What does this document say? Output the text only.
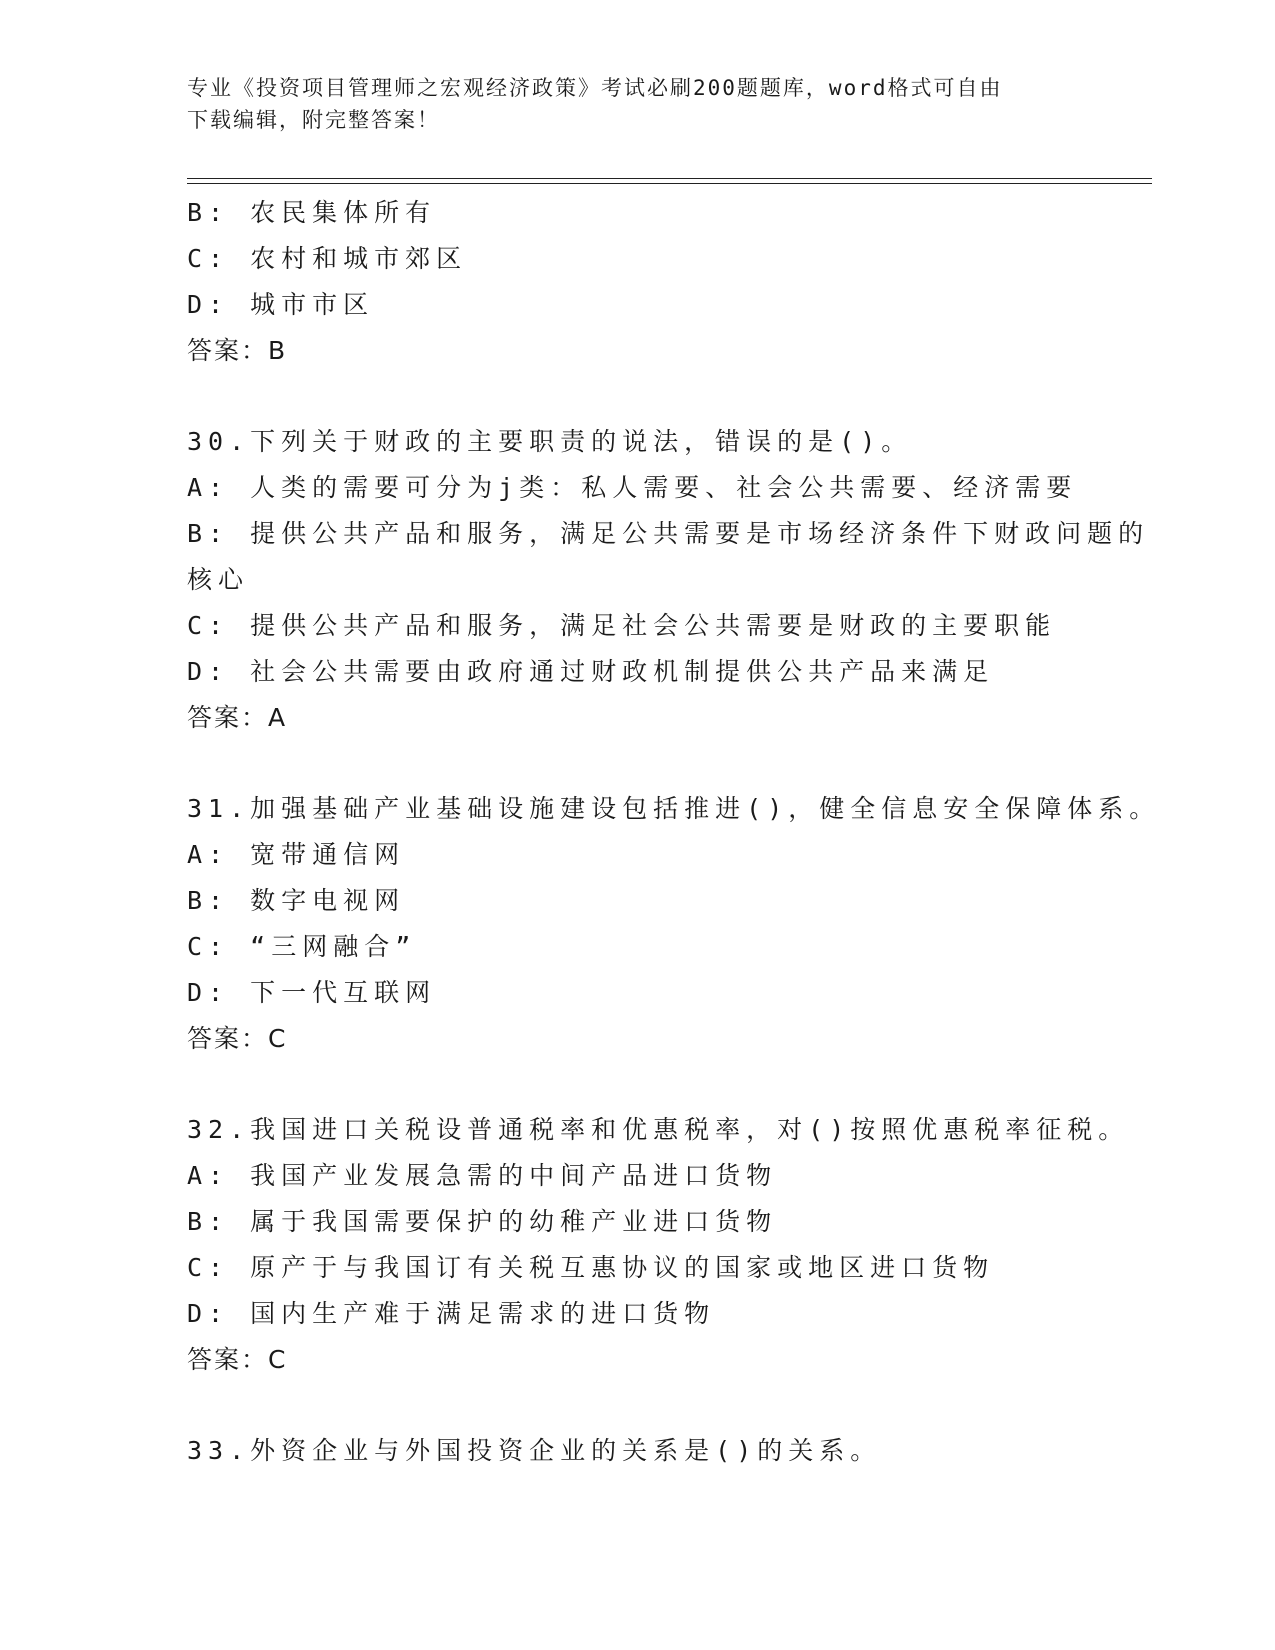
专业《投资项目管理师之宏观经济政策》考试必刷200题题库，word格式可自由
下载编辑，附完整答案！
B: 农民集体所有
C: 农村和城市郊区
D: 城市市区
答案：B
30.下列关于财政的主要职责的说法，错误的是()。
A: 人类的需要可分为j类：私人需要、社会公共需要、经济需要
B: 提供公共产品和服务，满足公共需要是市场经济条件下财政问题的
核心
C: 提供公共产品和服务，满足社会公共需要是财政的主要职能
D: 社会公共需要由政府通过财政机制提供公共产品来满足
答案：A
31.加强基础产业基础设施建设包括推进()，健全信息安全保障体系。
A: 宽带通信网
B: 数字电视网
C: “三网融合”
D: 下一代互联网
答案：C
32.我国进口关税设普通税率和优惠税率，对()按照优惠税率征税。
A: 我国产业发展急需的中间产品进口货物
B: 属于我国需要保护的幼稚产业进口货物
C: 原产于与我国订有关税互惠协议的国家或地区进口货物
D: 国内生产难于满足需求的进口货物
答案：C
33.外资企业与外国投资企业的关系是()的关系。
